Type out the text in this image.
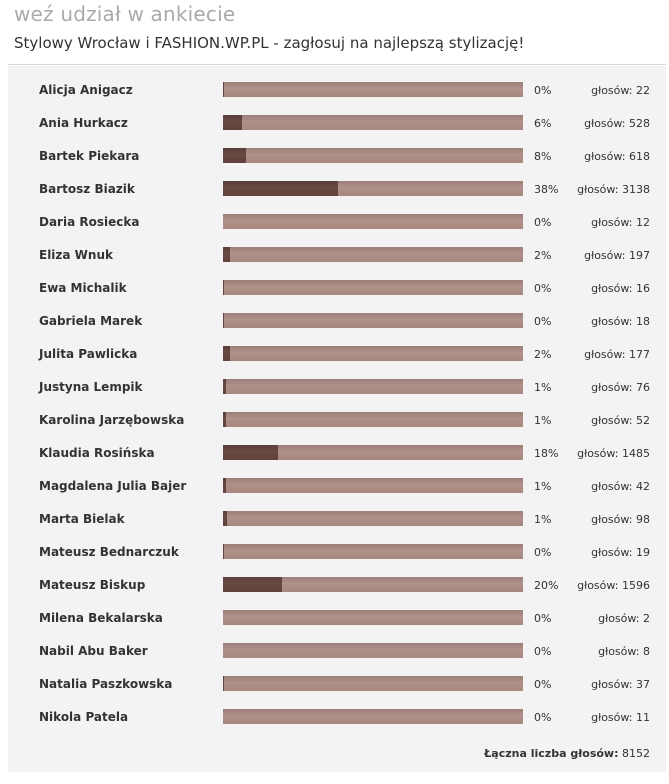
weź udział w ankiecie
Stylowy Wrocław i FASHION.WP.PL - zagłosuj na najlepszą stylizację!
Łączna liczba głosów: 8152
Alicja Anigacz	0%	głosów: 22
Ania Hurkacz	6%	głosów: 528
Bartek Piekara	8%	głosów: 618
Bartosz Biazik	38% głosów: 3138
Daria Rosiecka	0%	głosów: 12
Eliza Wnuk	2%	głosów: 197
Ewa Michalik	0%	głosów: 16
Gabriela Marek	0%	głosów: 18
Julita Pawlicka	2%	głosów: 177
Justyna Lempik	1%	głosów: 76
Karolina Jarzębowska	1%	głosów: 52
Klaudia Rosińska	18% głosów: 1485
Magdalena Julia Bajer	1%	głosów: 42
Marta Bielak	1%	głosów: 98
Mateusz Bednarczuk	0%	głosów: 19
Mateusz Biskup	20% głosów: 1596
Milena Bekalarska	0%	głosów: 2
Nabil Abu Baker	0%	głosów: 8
Natalia Paszkowska	0%	głosów: 37
Nikola Patela	0%	głosów: 11
